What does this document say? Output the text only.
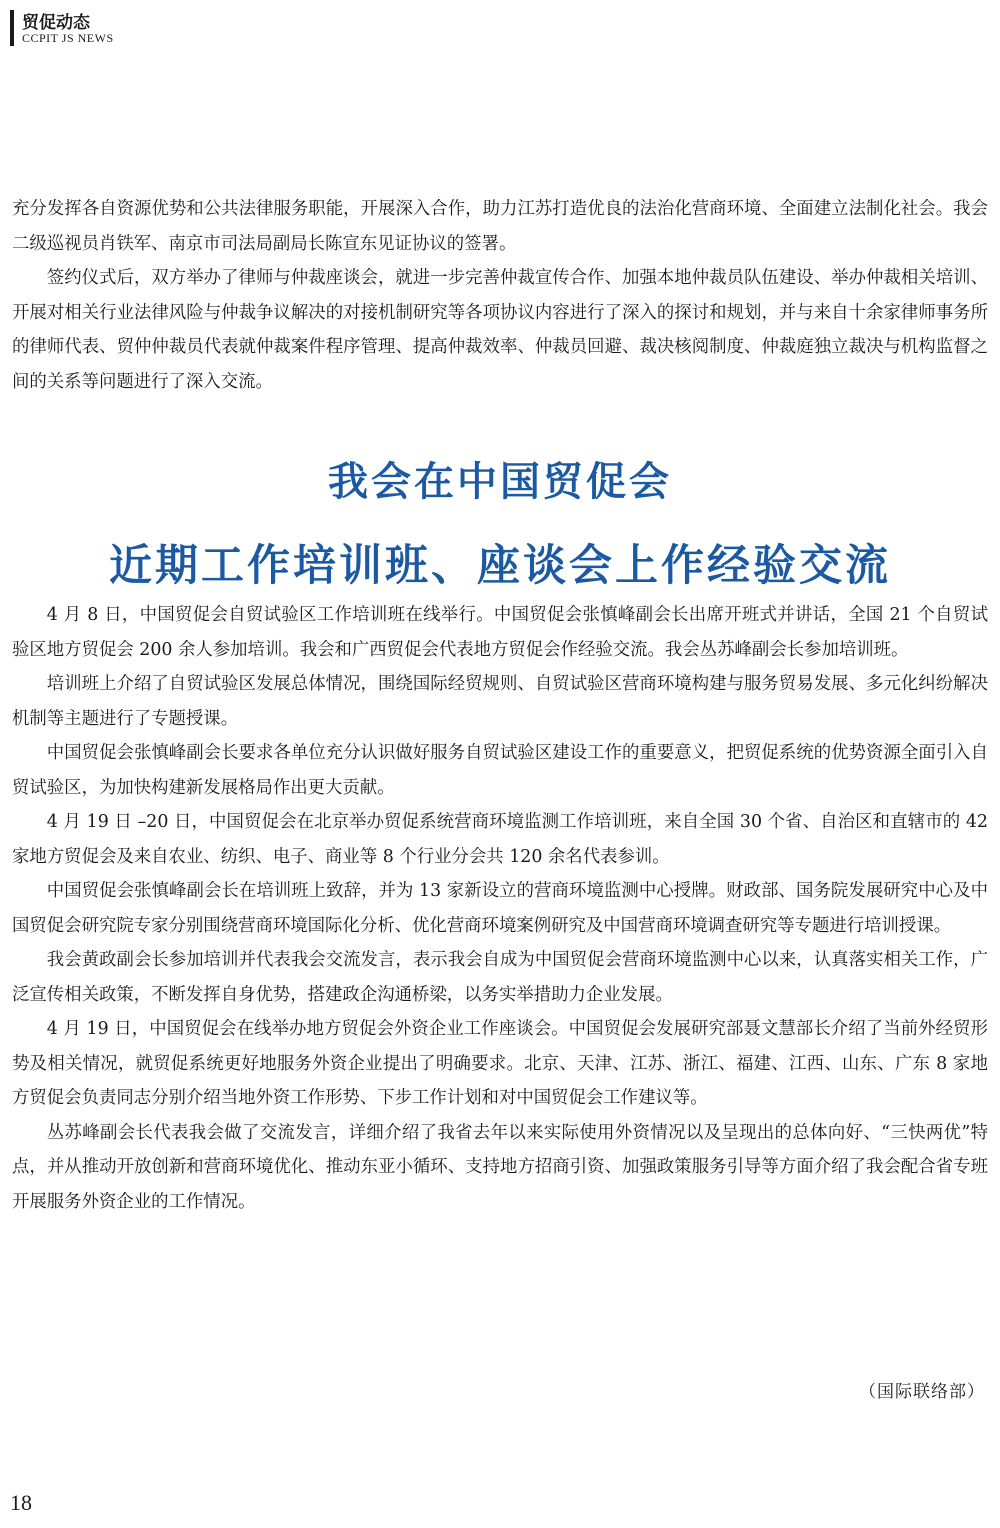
贸促动态
CCPIT JS NEWS

充分发挥各自资源优势和公共法律服务职能，开展深入合作，助力江苏打造优良的法治化营商环境、全面建立法制化社会。我会二级巡视员肖铁军、南京市司法局副局长陈宣东见证协议的签署。

签约仪式后，双方举办了律师与仲裁座谈会，就进一步完善仲裁宣传合作、加强本地仲裁员队伍建设、举办仲裁相关培训、开展对相关行业法律风险与仲裁争议解决的对接机制研究等各项协议内容进行了深入的探讨和规划，并与来自十余家律师事务所的律师代表、贸仲仲裁员代表就仲裁案件程序管理、提高仲裁效率、仲裁员回避、裁决核阅制度、仲裁庭独立裁决与机构监督之间的关系等问题进行了深入交流。

我会在中国贸促会
近期工作培训班、座谈会上作经验交流

4 月 8 日，中国贸促会自贸试验区工作培训班在线举行。中国贸促会张慎峰副会长出席开班式并讲话，全国 21 个自贸试验区地方贸促会 200 余人参加培训。我会和广西贸促会代表地方贸促会作经验交流。我会丛苏峰副会长参加培训班。

培训班上介绍了自贸试验区发展总体情况，围绕国际经贸规则、自贸试验区营商环境构建与服务贸易发展、多元化纠纷解决机制等主题进行了专题授课。

中国贸促会张慎峰副会长要求各单位充分认识做好服务自贸试验区建设工作的重要意义，把贸促系统的优势资源全面引入自贸试验区，为加快构建新发展格局作出更大贡献。

4 月 19 日 –20 日，中国贸促会在北京举办贸促系统营商环境监测工作培训班，来自全国 30 个省、自治区和直辖市的 42 家地方贸促会及来自农业、纺织、电子、商业等 8 个行业分会共 120 余名代表参训。

中国贸促会张慎峰副会长在培训班上致辞，并为 13 家新设立的营商环境监测中心授牌。财政部、国务院发展研究中心及中国贸促会研究院专家分别围绕营商环境国际化分析、优化营商环境案例研究及中国营商环境调查研究等专题进行培训授课。

我会黄政副会长参加培训并代表我会交流发言，表示我会自成为中国贸促会营商环境监测中心以来，认真落实相关工作，广泛宣传相关政策，不断发挥自身优势，搭建政企沟通桥梁，以务实举措助力企业发展。

4 月 19 日，中国贸促会在线举办地方贸促会外资企业工作座谈会。中国贸促会发展研究部聂文慧部长介绍了当前外经贸形势及相关情况，就贸促系统更好地服务外资企业提出了明确要求。北京、天津、江苏、浙江、福建、江西、山东、广东 8 家地方贸促会负责同志分别介绍当地外资工作形势、下步工作计划和对中国贸促会工作建议等。

丛苏峰副会长代表我会做了交流发言，详细介绍了我省去年以来实际使用外资情况以及呈现出的总体向好、“三快两优”特点，并从推动开放创新和营商环境优化、推动东亚小循环、支持地方招商引资、加强政策服务引导等方面介绍了我会配合省专班开展服务外资企业的工作情况。

（国际联络部）
18
